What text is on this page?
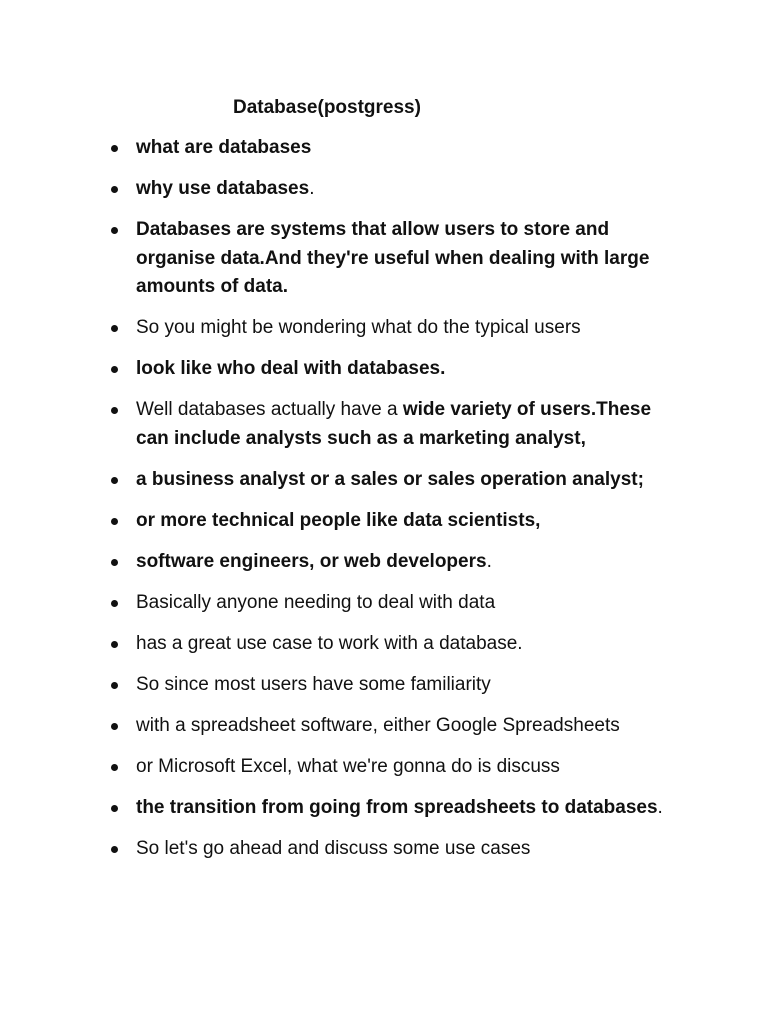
Database(postgress)
what are databases
why use databases.
Databases are systems that allow users to store and organise data.And they're useful when dealing with large amounts of data.
So you might be wondering what do the typical users
look like who deal with databases.
Well databases actually have a wide variety of users.These can include analysts such as a marketing analyst,
a business analyst or a sales or sales operation analyst;
or more technical people like data scientists,
software engineers, or web developers.
Basically anyone needing to deal with data
has a great use case to work with a database.
So since most users have some familiarity
with a spreadsheet software, either Google Spreadsheets
or Microsoft Excel, what we're gonna do is discuss
the transition from going from spreadsheets to databases.
So let's go ahead and discuss some use cases
